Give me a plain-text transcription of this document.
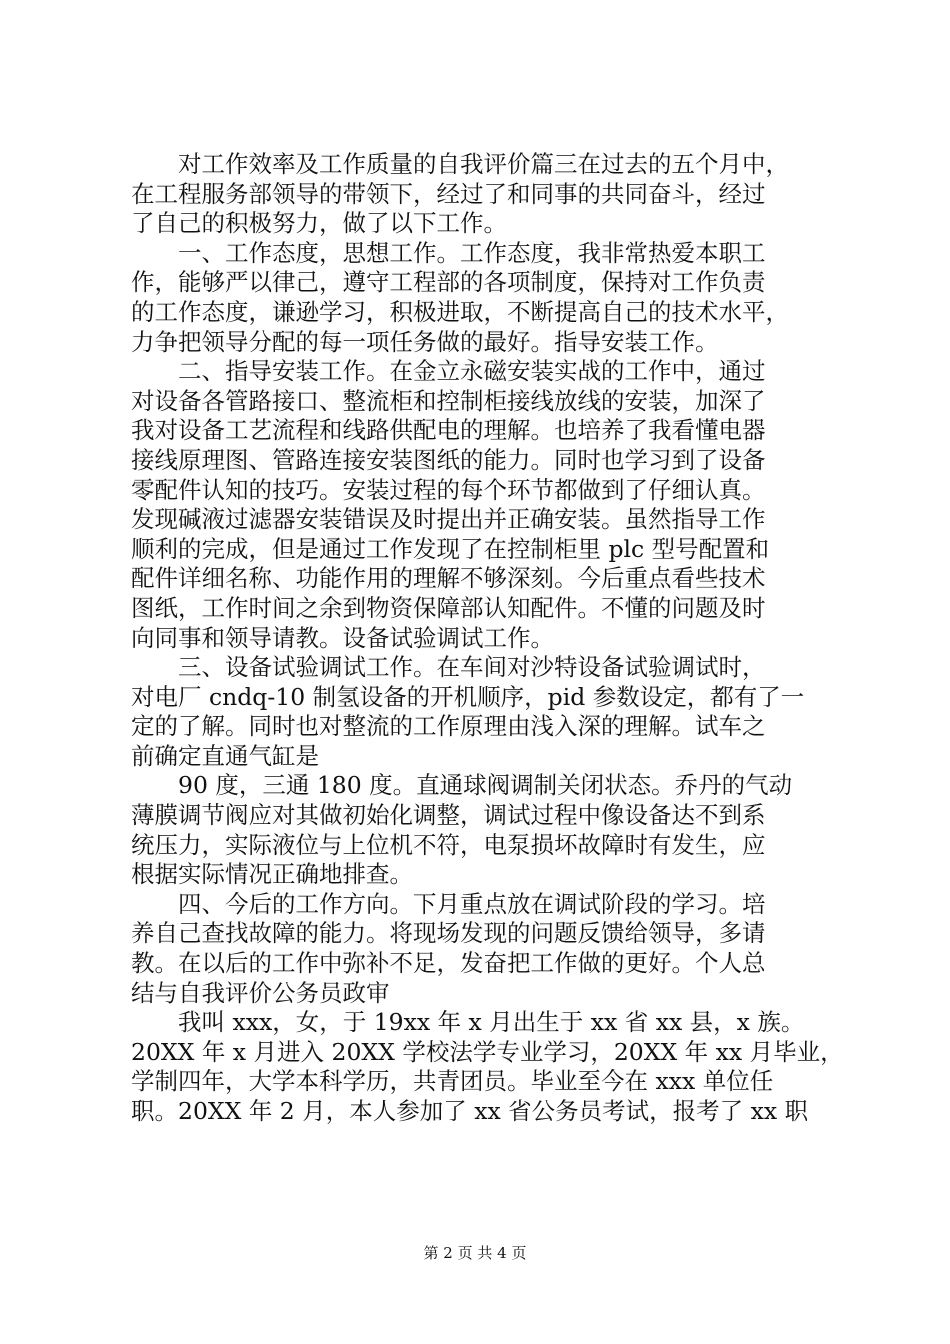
　　对工作效率及工作质量的自我评价篇三在过去的五个月中，
在工程服务部领导的带领下，经过了和同事的共同奋斗，经过
了自己的积极努力，做了以下工作。
　　一、工作态度，思想工作。工作态度，我非常热爱本职工
作，能够严以律己，遵守工程部的各项制度，保持对工作负责
的工作态度，谦逊学习，积极进取，不断提高自己的技术水平，
力争把领导分配的每一项任务做的最好。指导安装工作。
　　二、指导安装工作。在金立永磁安装实战的工作中，通过
对设备各管路接口、整流柜和控制柜接线放线的安装，加深了
我对设备工艺流程和线路供配电的理解。也培养了我看懂电器
接线原理图、管路连接安装图纸的能力。同时也学习到了设备
零配件认知的技巧。安装过程的每个环节都做到了仔细认真。
发现碱液过滤器安装错误及时提出并正确安装。虽然指导工作
顺利的完成，但是通过工作发现了在控制柜里 plc 型号配置和
配件详细名称、功能作用的理解不够深刻。今后重点看些技术
图纸，工作时间之余到物资保障部认知配件。不懂的问题及时
向同事和领导请教。设备试验调试工作。
　　三、设备试验调试工作。在车间对沙特设备试验调试时，
对电厂 cndq-10 制氢设备的开机顺序，pid 参数设定，都有了一
定的了解。同时也对整流的工作原理由浅入深的理解。试车之
前确定直通气缸是
　　90 度，三通 180 度。直通球阀调制关闭状态。乔丹的气动
薄膜调节阀应对其做初始化调整，调试过程中像设备达不到系
统压力，实际液位与上位机不符，电泵损坏故障时有发生，应
根据实际情况正确地排查。
　　四、今后的工作方向。下月重点放在调试阶段的学习。培
养自己查找故障的能力。将现场发现的问题反馈给领导，多请
教。在以后的工作中弥补不足，发奋把工作做的更好。个人总
结与自我评价公务员政审
　　我叫 xxx，女，于 19xx 年 x 月出生于 xx 省 xx 县，x 族。
20XX 年 x 月进入 20XX 学校法学专业学习，20XX 年 xx 月毕业，
学制四年，大学本科学历，共青团员。毕业至今在 xxx 单位任
职。20XX 年 2 月，本人参加了 xx 省公务员考试，报考了 xx 职
第 2 页 共 4 页
